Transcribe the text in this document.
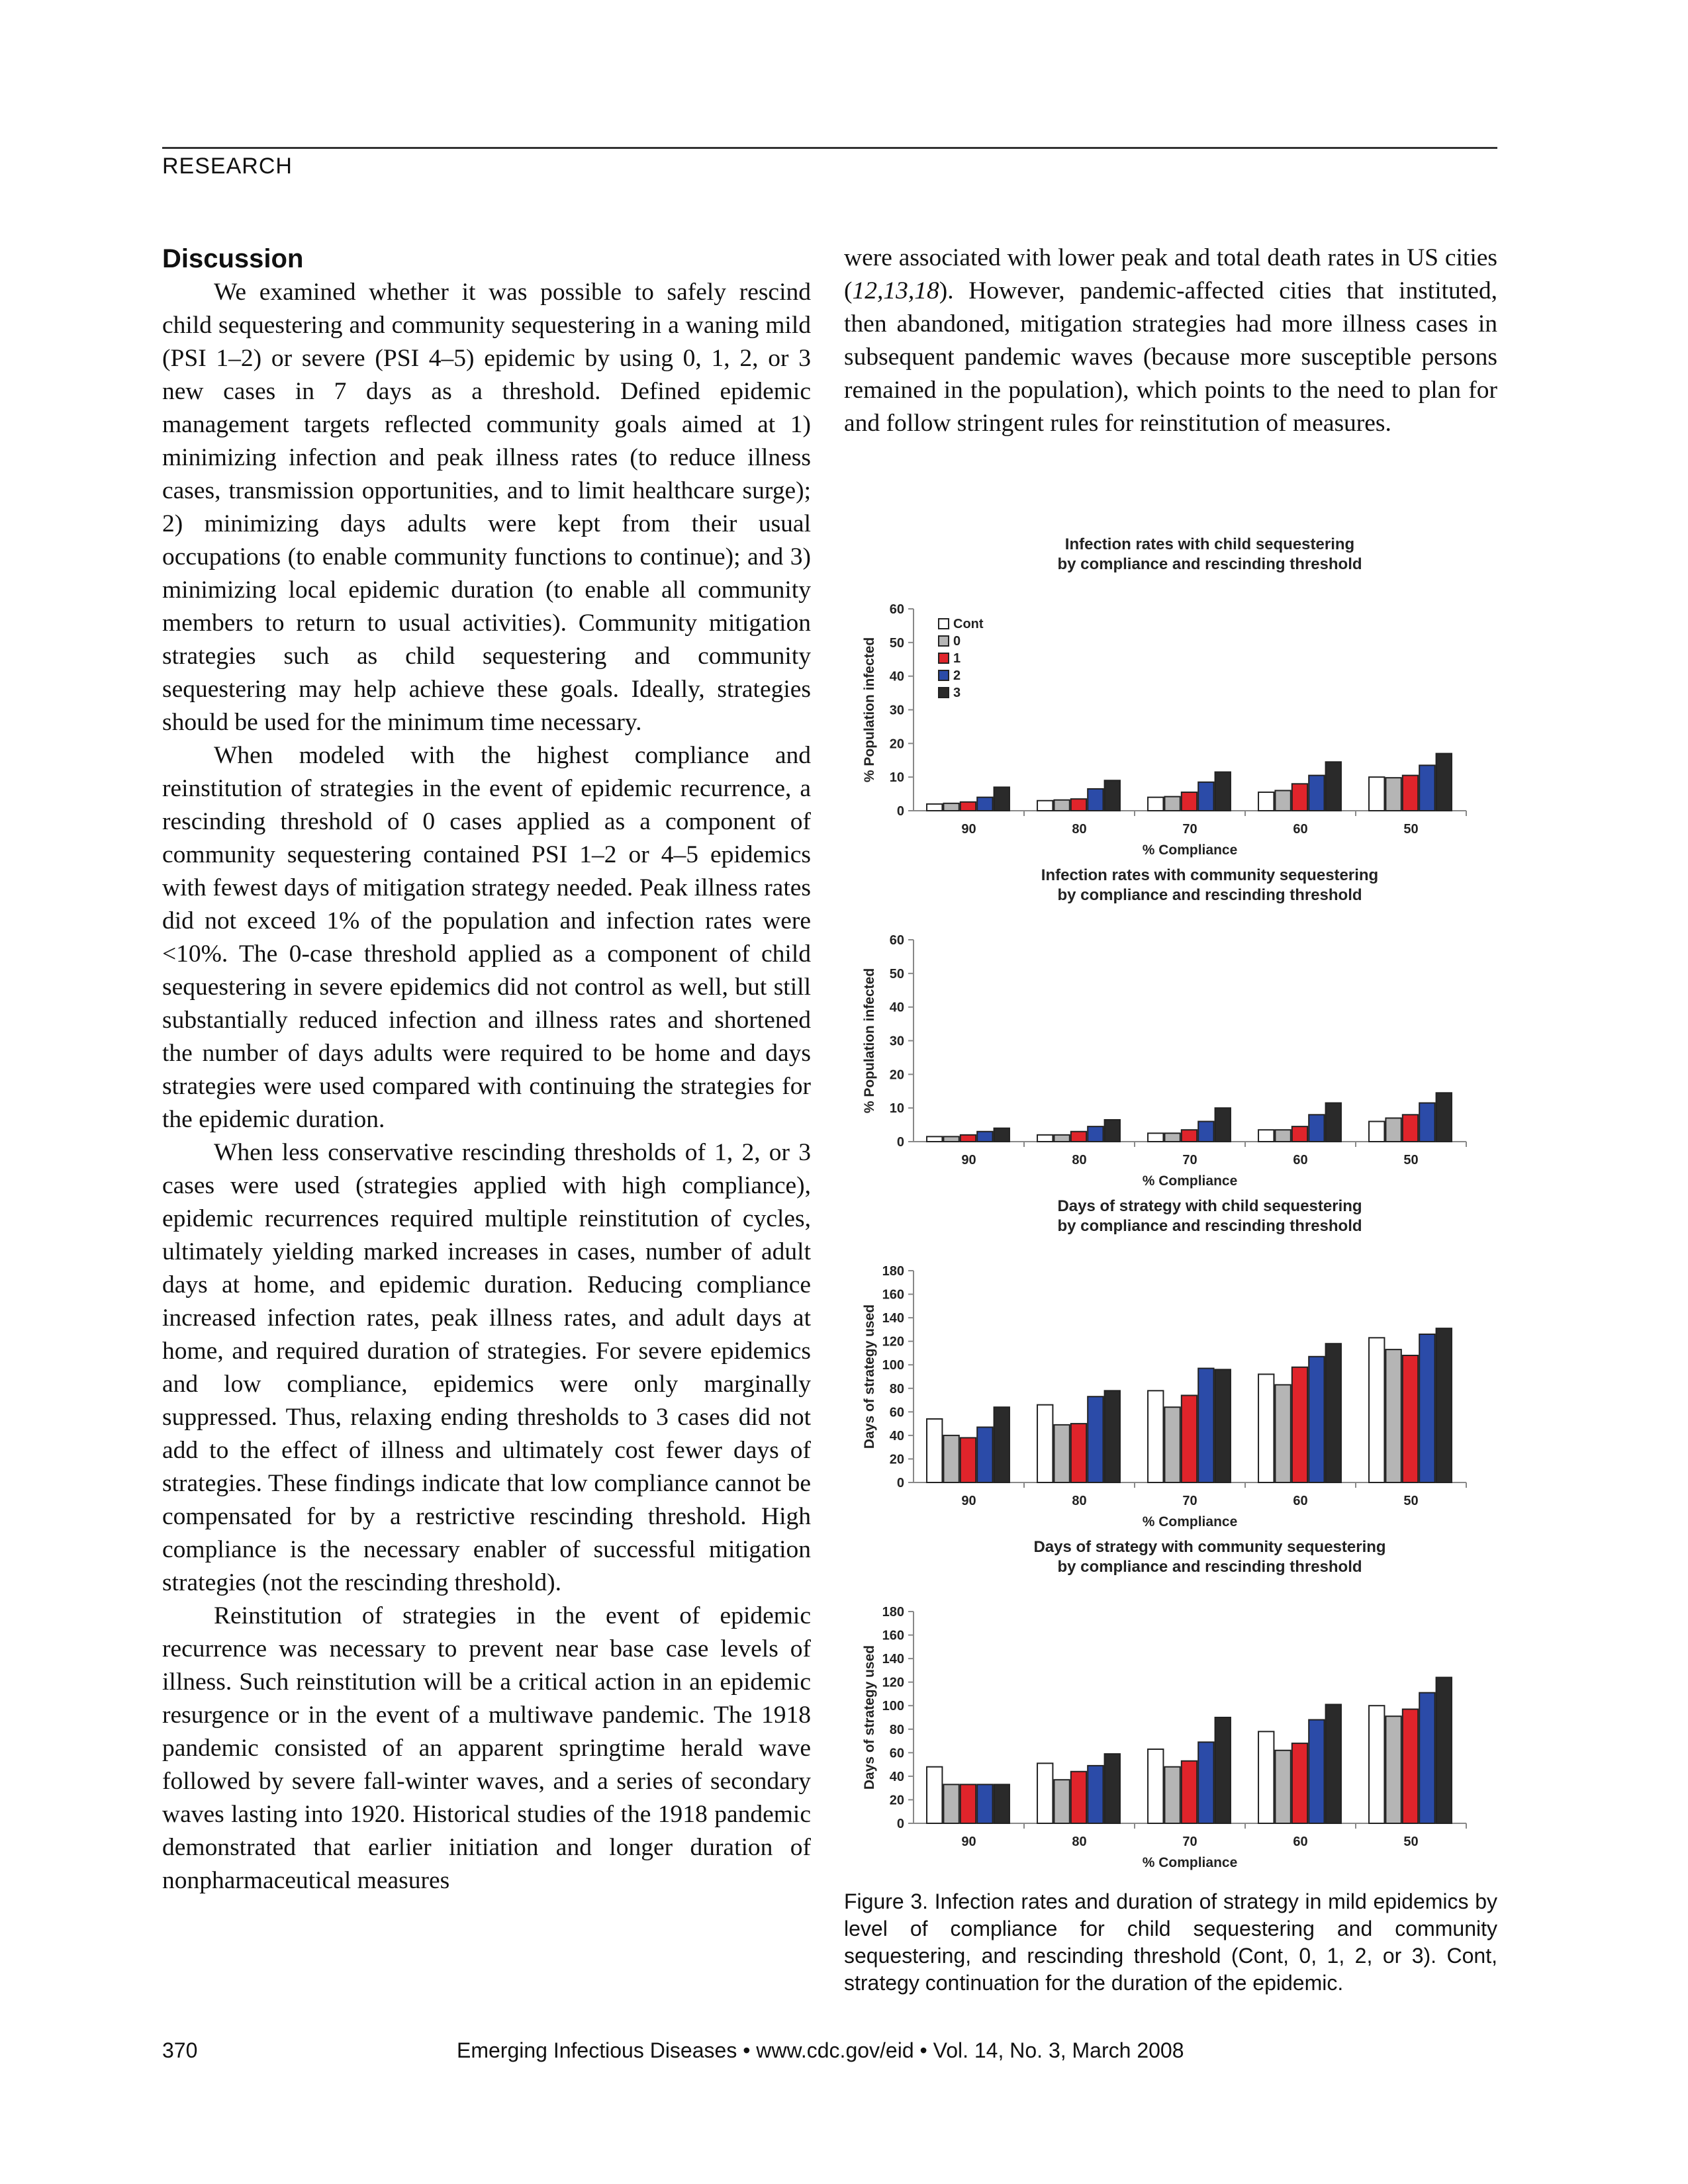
RESEARCH
Discussion

We examined whether it was possible to safely rescind child sequestering and community sequestering in a waning mild (PSI 1–2) or severe (PSI 4–5) epidemic by using 0, 1, 2, or 3 new cases in 7 days as a threshold. Defined epidemic management targets reflected community goals aimed at 1) minimizing infection and peak illness rates (to reduce illness cases, transmission opportunities, and to limit healthcare surge); 2) minimizing days adults were kept from their usual occupations (to enable community functions to continue); and 3) minimizing local epidemic duration (to enable all community members to return to usual activities). Community mitigation strategies such as child sequestering and community sequestering may help achieve these goals. Ideally, strategies should be used for the minimum time necessary.

When modeled with the highest compliance and reinstitution of strategies in the event of epidemic recurrence, a rescinding threshold of 0 cases applied as a component of community sequestering contained PSI 1–2 or 4–5 epidemics with fewest days of mitigation strategy needed. Peak illness rates did not exceed 1% of the population and infection rates were <10%. The 0-case threshold applied as a component of child sequestering in severe epidemics did not control as well, but still substantially reduced infection and illness rates and shortened the number of days adults were required to be home and days strategies were used compared with continuing the strategies for the epidemic duration.

When less conservative rescinding thresholds of 1, 2, or 3 cases were used (strategies applied with high compliance), epidemic recurrences required multiple reinstitution of cycles, ultimately yielding marked increases in cases, number of adult days at home, and epidemic duration. Reducing compliance increased infection rates, peak illness rates, and adult days at home, and required duration of strategies. For severe epidemics and low compliance, epidemics were only marginally suppressed. Thus, relaxing ending thresholds to 3 cases did not add to the effect of illness and ultimately cost fewer days of strategies. These findings indicate that low compliance cannot be compensated for by a restrictive rescinding threshold. High compliance is the necessary enabler of successful mitigation strategies (not the rescinding threshold).

Reinstitution of strategies in the event of epidemic recurrence was necessary to prevent near base case levels of illness. Such reinstitution will be a critical action in an epidemic resurgence or in the event of a multiwave pandemic. The 1918 pandemic consisted of an apparent springtime herald wave followed by severe fall-winter waves, and a series of secondary waves lasting into 1920. Historical studies of the 1918 pandemic demonstrated that earlier initiation and longer duration of nonpharmaceutical measures

were associated with lower peak and total death rates in US cities (12,13,18). However, pandemic-affected cities that instituted, then abandoned, mitigation strategies had more illness cases in subsequent pandemic waves (because more susceptible persons remained in the population), which points to the need to plan for and follow stringent rules for reinstitution of measures.

Infection rates with child sequestering by compliance and rescinding threshold
0
10
20
30
40
50
60
% Population infected
90	80	70	60	50
% Compliance
Cont
0
1
2
3
Infection rates with community sequestering by compliance and rescinding threshold
0
10
20
30
40
50
60
% Population infected
90	80	70	60	50
% Compliance
Days of strategy with child sequestering by compliance and rescinding threshold
0
20
40
60
80
100
120
140
160
180
Days of strategy used
90	80	70	60	50
% Compliance
Days of strategy with community sequestering by compliance and rescinding threshold
0
20
40
60
80
100
120
140
160
180
Days of strategy used
90	80	70	60	50
% Compliance
Figure 3. Infection rates and duration of strategy in mild epidemics by level of compliance for child sequestering and community sequestering, and rescinding threshold (Cont, 0, 1, 2, or 3). Cont, strategy continuation for the duration of the epidemic.
370	Emerging Infectious Diseases • www.cdc.gov/eid • Vol. 14, No. 3, March 2008
